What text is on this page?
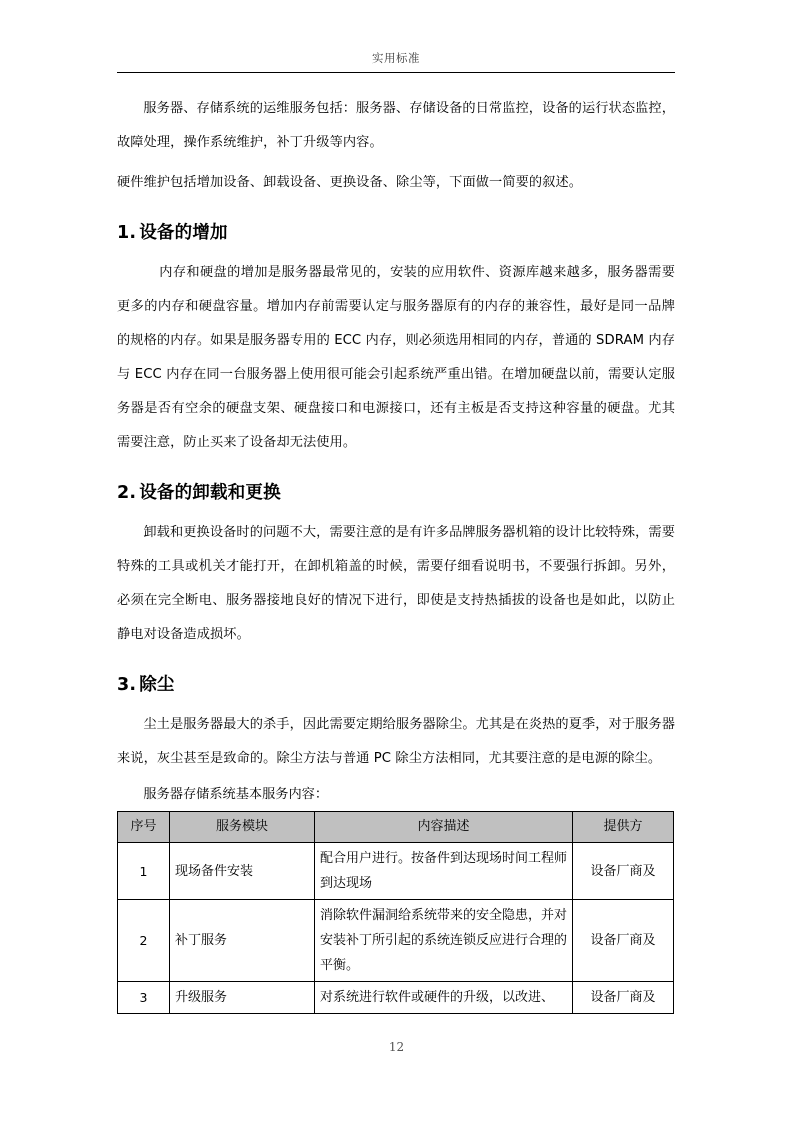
实用标准

服务器、存储系统的运维服务包括：服务器、存储设备的日常监控，设备的运行状态监控，故障处理，操作系统维护，补丁升级等内容。

硬件维护包括增加设备、卸载设备、更换设备、除尘等，下面做一简要的叙述。

1. 设备的增加

内存和硬盘的增加是服务器最常见的，安装的应用软件、资源库越来越多，服务器需要更多的内存和硬盘容量。增加内存前需要认定与服务器原有的内存的兼容性，最好是同一品牌的规格的内存。如果是服务器专用的 ECC 内存，则必须选用相同的内存，普通的 SDRAM 内存与 ECC 内存在同一台服务器上使用很可能会引起系统严重出错。在增加硬盘以前，需要认定服务器是否有空余的硬盘支架、硬盘接口和电源接口，还有主板是否支持这种容量的硬盘。尤其需要注意，防止买来了设备却无法使用。

2. 设备的卸载和更换

卸载和更换设备时的问题不大，需要注意的是有许多品牌服务器机箱的设计比较特殊，需要特殊的工具或机关才能打开，在卸机箱盖的时候，需要仔细看说明书，不要强行拆卸。另外，必须在完全断电、服务器接地良好的情况下进行，即使是支持热插拔的设备也是如此，以防止静电对设备造成损坏。

3. 除尘

尘土是服务器最大的杀手，因此需要定期给服务器除尘。尤其是在炎热的夏季，对于服务器来说，灰尘甚至是致命的。除尘方法与普通 PC 除尘方法相同，尤其要注意的是电源的除尘。

服务器存储系统基本服务内容：

序号	服务模块	内容描述	提供方
1	现场备件安装	配合用户进行。按备件到达现场时间工程师到达现场	设备厂商及
2	补丁服务	消除软件漏洞给系统带来的安全隐患，并对安装补丁所引起的系统连锁反应进行合理的平衡。	设备厂商及
3	升级服务	对系统进行软件或硬件的升级，以改进、	设备厂商及
12
